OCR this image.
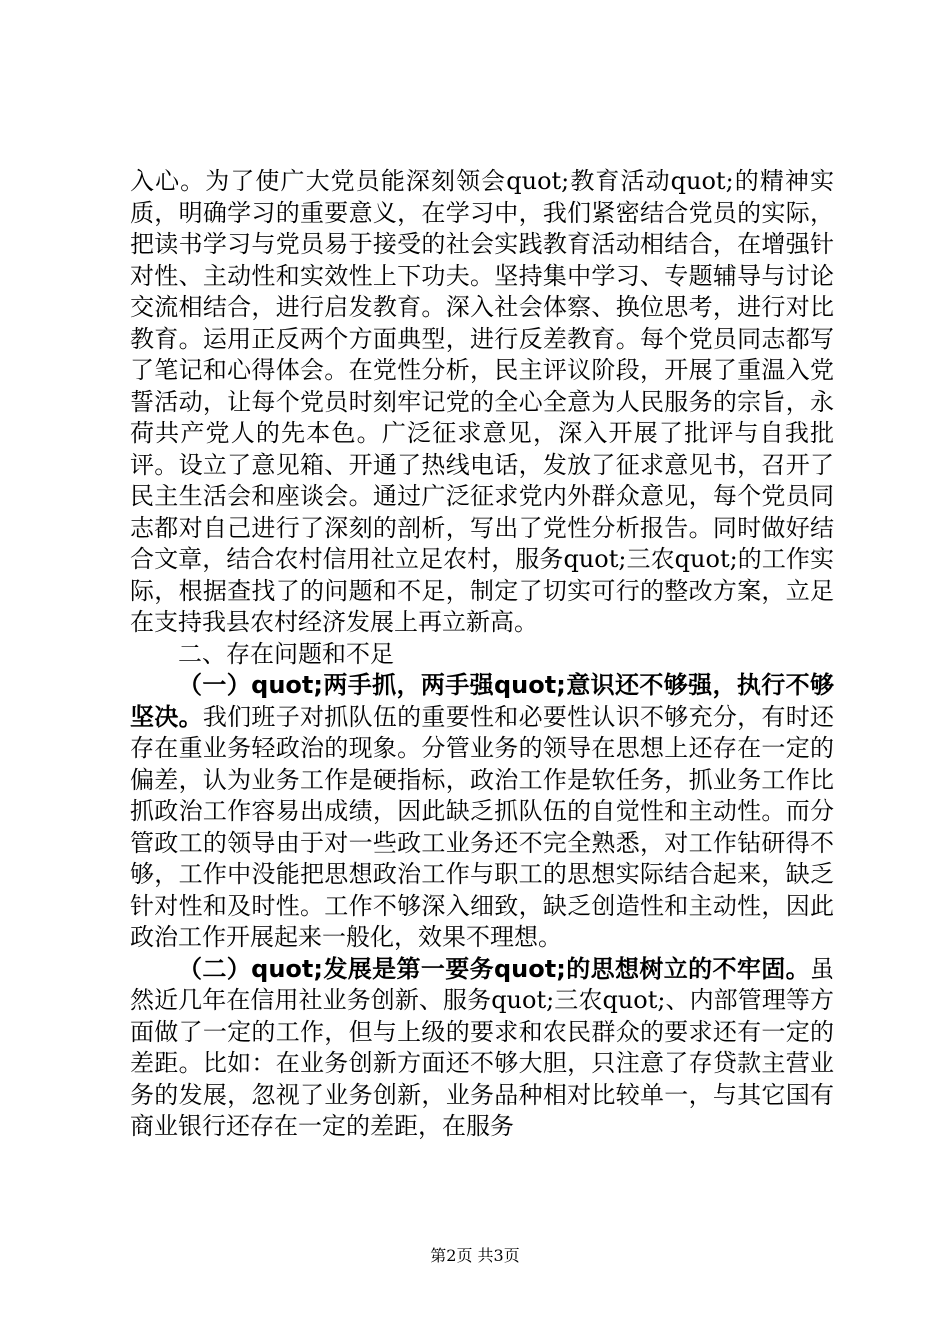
入心。为了使广大党员能深刻领会quot;教育活动quot;的精神实质，明确学习的重要意义，在学习中，我们紧密结合党员的实际，把读书学习与党员易于接受的社会实践教育活动相结合，在增强针对性、主动性和实效性上下功夫。坚持集中学习、专题辅导与讨论交流相结合，进行启发教育。深入社会体察、换位思考，进行对比教育。运用正反两个方面典型，进行反差教育。每个党员同志都写了笔记和心得体会。在党性分析，民主评议阶段，开展了重温入党誓活动，让每个党员时刻牢记党的全心全意为人民服务的宗旨，永荷共产党人的先本色。广泛征求意见，深入开展了批评与自我批评。设立了意见箱、开通了热线电话，发放了征求意见书，召开了民主生活会和座谈会。通过广泛征求党内外群众意见，每个党员同志都对自己进行了深刻的剖析，写出了党性分析报告。同时做好结合文章，结合农村信用社立足农村，服务quot;三农quot;的工作实际，根据查找了的问题和不足，制定了切实可行的整改方案，立足在支持我县农村经济发展上再立新高。

二、存在问题和不足

（一）quot;两手抓，两手强quot;意识还不够强，执行不够坚决。我们班子对抓队伍的重要性和必要性认识不够充分，有时还存在重业务轻政治的现象。分管业务的领导在思想上还存在一定的偏差，认为业务工作是硬指标，政治工作是软任务，抓业务工作比抓政治工作容易出成绩，因此缺乏抓队伍的自觉性和主动性。而分管政工的领导由于对一些政工业务还不完全熟悉，对工作钻研得不够，工作中没能把思想政治工作与职工的思想实际结合起来，缺乏针对性和及时性。工作不够深入细致，缺乏创造性和主动性，因此政治工作开展起来一般化，效果不理想。

（二）quot;发展是第一要务quot;的思想树立的不牢固。虽然近几年在信用社业务创新、服务quot;三农quot;、内部管理等方面做了一定的工作，但与上级的要求和农民群众的要求还有一定的差距。比如：在业务创新方面还不够大胆，只注意了存贷款主营业务的发展，忽视了业务创新，业务品种相对比较单一，与其它国有商业银行还存在一定的差距，在服务

第2页 共3页
